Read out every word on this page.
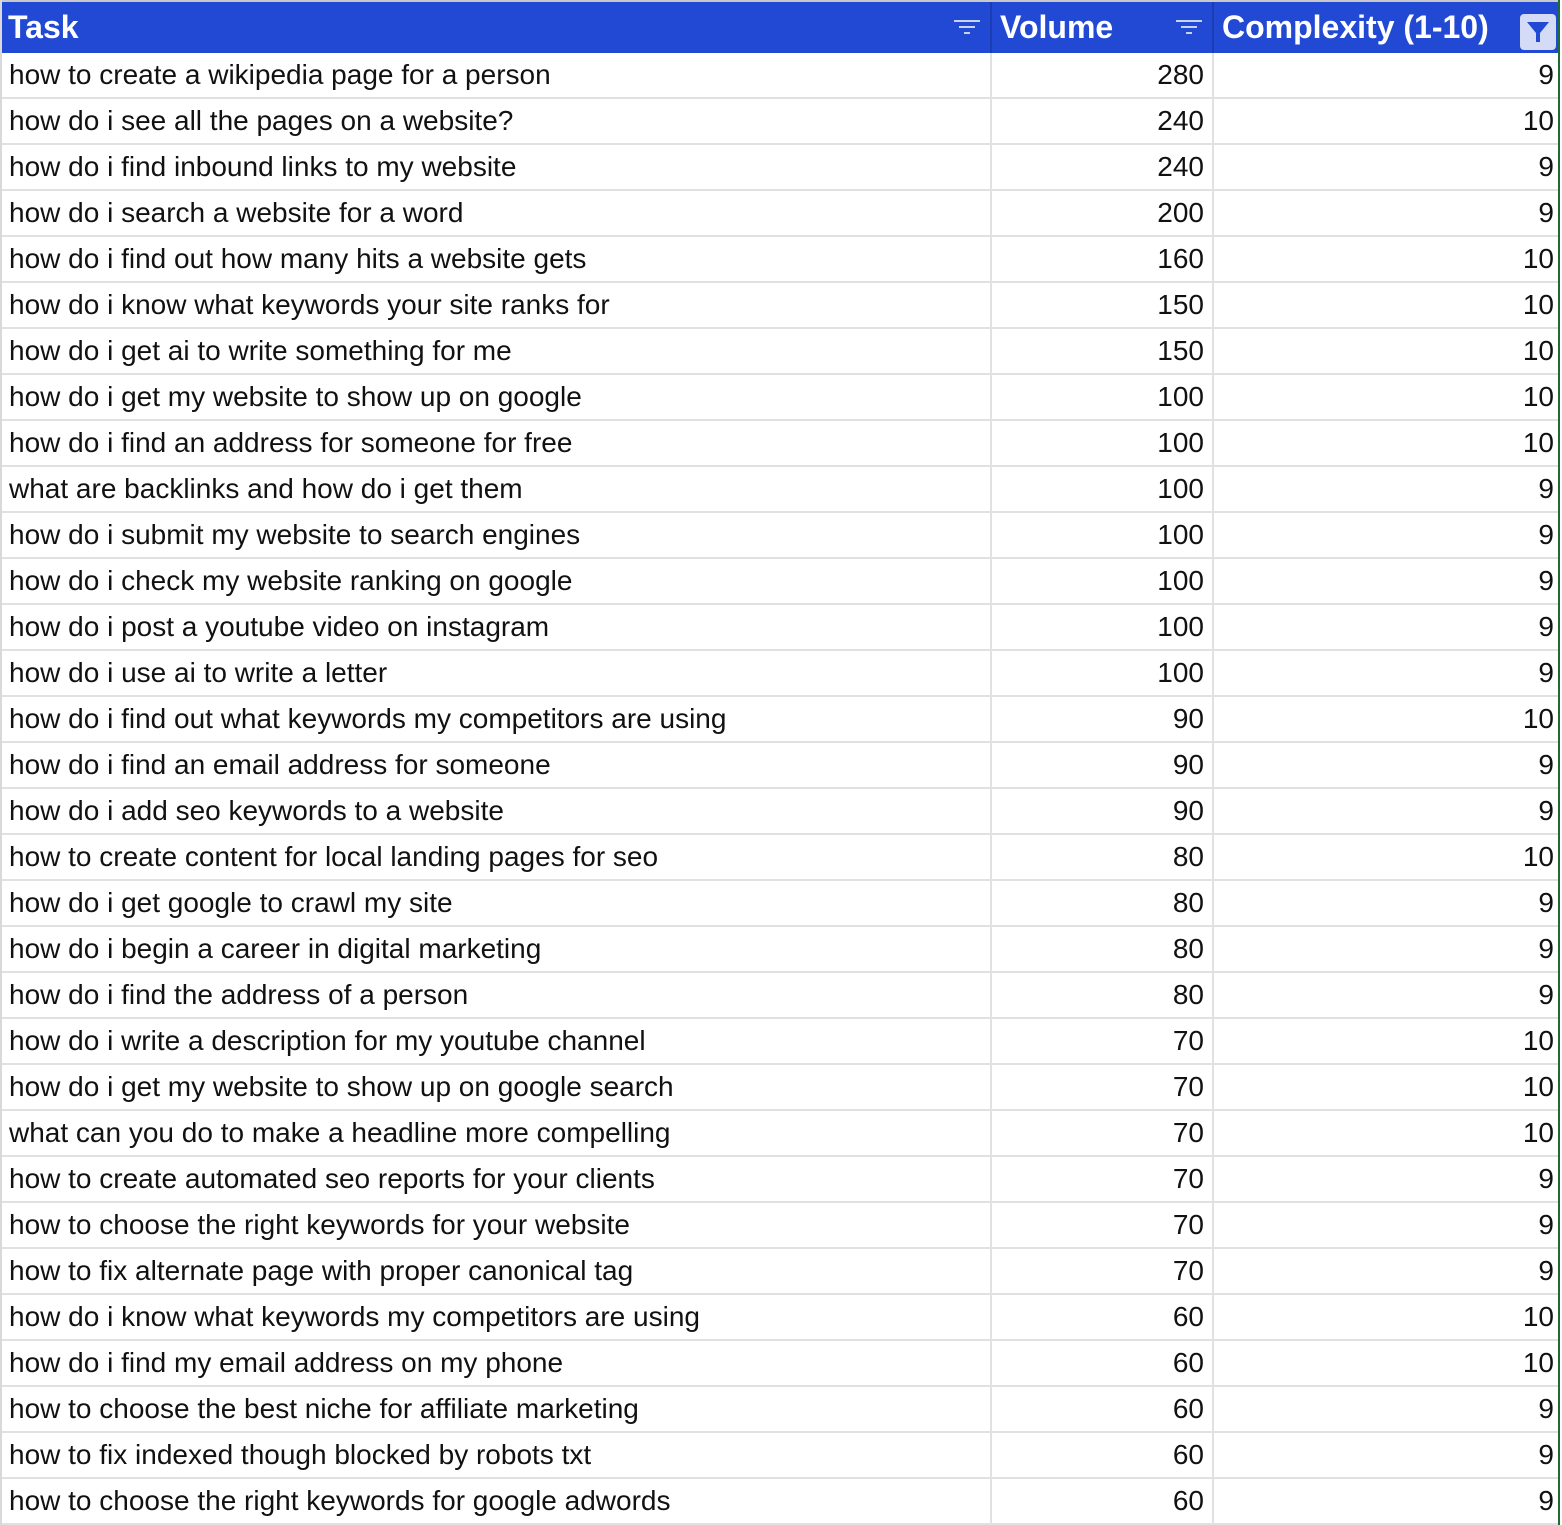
Task	Volume	Complexity (1-10)
how to create a wikipedia page for a person	280	9
how do i see all the pages on a website?	240	10
how do i find inbound links to my website	240	9
how do i search a website for a word	200	9
how do i find out how many hits a website gets	160	10
how do i know what keywords your site ranks for	150	10
how do i get ai to write something for me	150	10
how do i get my website to show up on google	100	10
how do i find an address for someone for free	100	10
what are backlinks and how do i get them	100	9
how do i submit my website to search engines	100	9
how do i check my website ranking on google	100	9
how do i post a youtube video on instagram	100	9
how do i use ai to write a letter	100	9
how do i find out what keywords my competitors are using	90	10
how do i find an email address for someone	90	9
how do i add seo keywords to a website	90	9
how to create content for local landing pages for seo	80	10
how do i get google to crawl my site	80	9
how do i begin a career in digital marketing	80	9
how do i find the address of a person	80	9
how do i write a description for my youtube channel	70	10
how do i get my website to show up on google search	70	10
what can you do to make a headline more compelling	70	10
how to create automated seo reports for your clients	70	9
how to choose the right keywords for your website	70	9
how to fix alternate page with proper canonical tag	70	9
how do i know what keywords my competitors are using	60	10
how do i find my email address on my phone	60	10
how to choose the best niche for affiliate marketing	60	9
how to fix indexed though blocked by robots txt	60	9
how to choose the right keywords for google adwords	60	9
